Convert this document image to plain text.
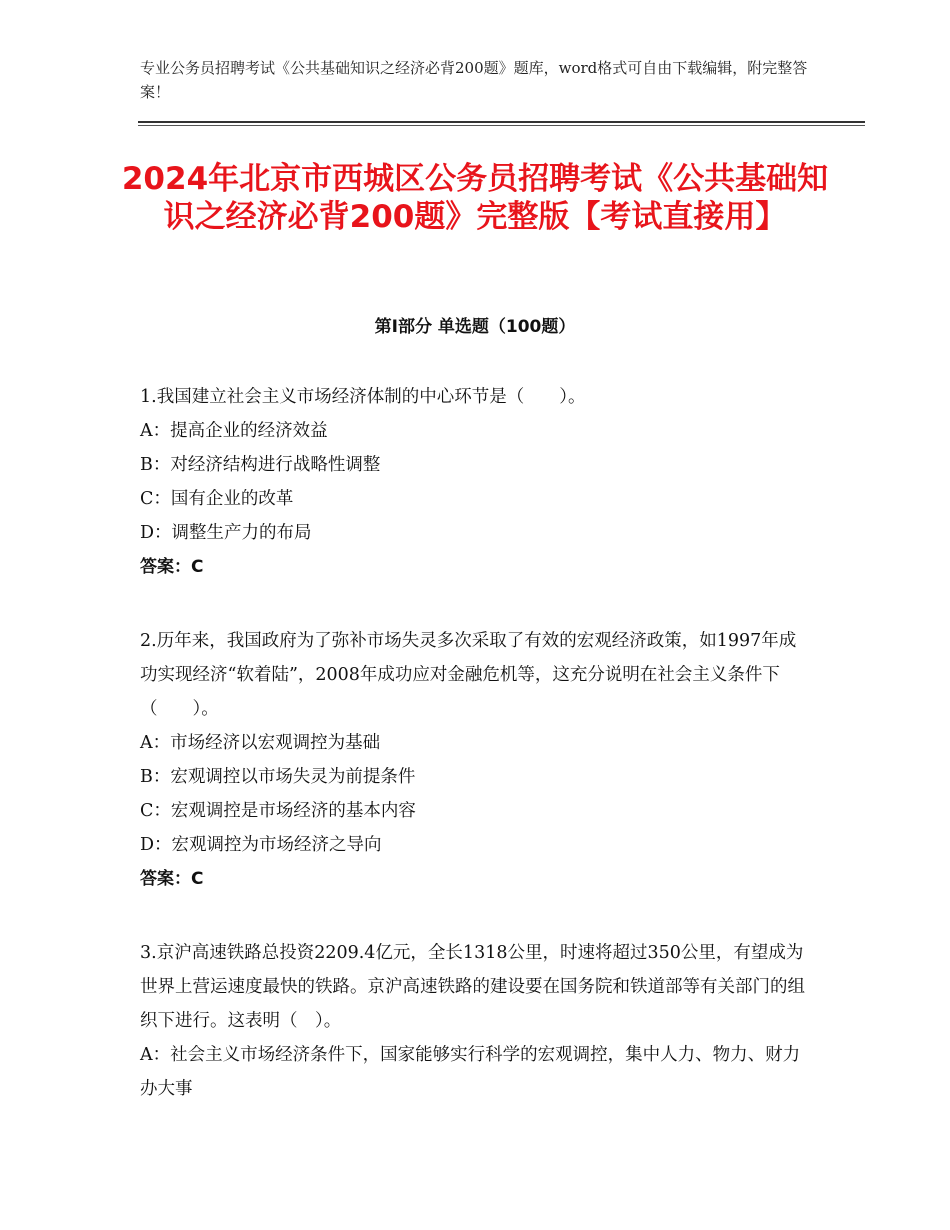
专业公务员招聘考试《公共基础知识之经济必背200题》题库，word格式可自由下载编辑，附完整答案！
2024年北京市西城区公务员招聘考试《公共基础知识之经济必背200题》完整版【考试直接用】
第Ⅰ部分 单选题（100题）
1.我国建立社会主义市场经济体制的中心环节是（　　）。
A：提高企业的经济效益
B：对经济结构进行战略性调整
C：国有企业的改革
D：调整生产力的布局
答案：C
2.历年来，我国政府为了弥补市场失灵多次采取了有效的宏观经济政策，如1997年成功实现经济“软着陆”，2008年成功应对金融危机等，这充分说明在社会主义条件下（　　）。
A：市场经济以宏观调控为基础
B：宏观调控以市场失灵为前提条件
C：宏观调控是市场经济的基本内容
D：宏观调控为市场经济之导向
答案：C
3.京沪高速铁路总投资2209.4亿元，全长1318公里，时速将超过350公里，有望成为世界上营运速度最快的铁路。京沪高速铁路的建设要在国务院和铁道部等有关部门的组织下进行。这表明（　）。
A：社会主义市场经济条件下，国家能够实行科学的宏观调控，集中人力、物力、财力办大事
